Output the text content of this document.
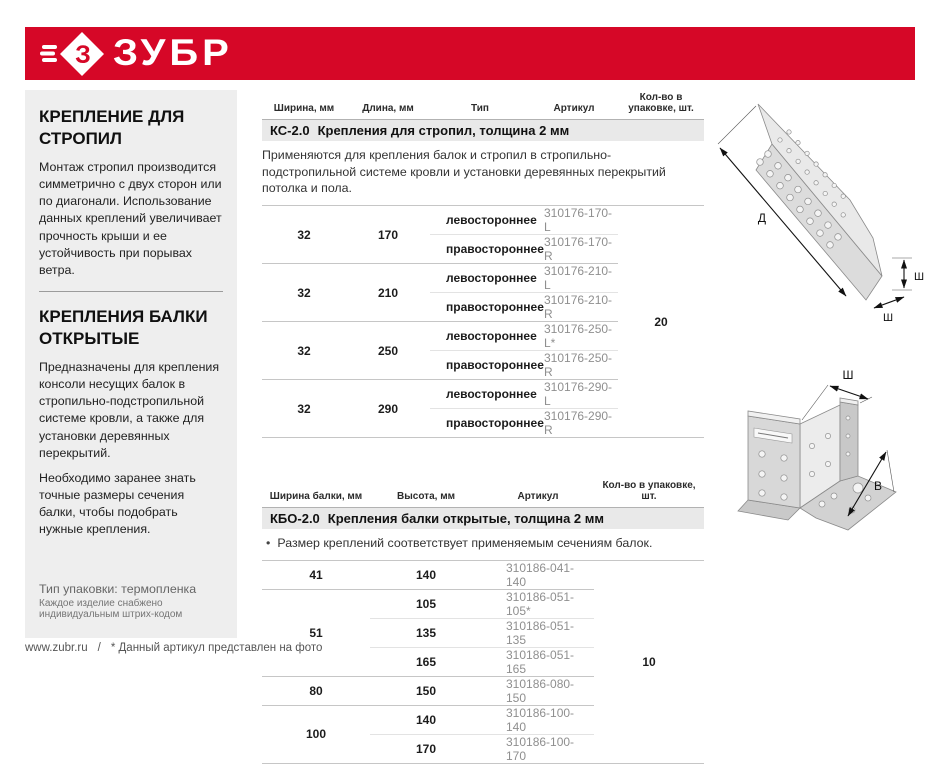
З ЗУБР
КРЕПЛЕНИЕ ДЛЯ СТРОПИЛ

Монтаж стропил производится симметрично с двух сторон или по диагонали. Использование данных креплений увеличивает прочность крыши и ее устойчивость при порывах ветра.

КРЕПЛЕНИЯ БАЛКИ ОТКРЫТЫЕ

Предназначены для крепления консоли несущих балок в стропильно-подстропильной системе кровли, а также для установки деревянных перекрытий.

Необходимо заранее знать точные размеры сечения балки, чтобы подобрать нужные крепления.

Тип упаковки: термопленка
Каждое изделие снабжено индивидуальным штрих-кодом
Ширина, мм	Длина, мм	Тип	Артикул	Кол-во в упаковке, шт.
КС-2.0 Крепления для стропил, толщина 2 мм				
Применяются для крепления балок и стропил в стропильно-подстропильной системе кровли и установки деревянных перекрытий потолка и пола.				
32	170	левостороннее	310176-170-L	20
		правостороннее	310176-170-R	
32	210	левостороннее	310176-210-L	
		правостороннее	310176-210-R	
32	250	левостороннее	310176-250-L*	
		правостороннее	310176-250-R	
32	290	левостороннее	310176-290-L	
		правостороннее	310176-290-R	
Ширина балки, мм	Высота, мм	Артикул	Кол-во в упаковке, шт.
КБО-2.0 Крепления балки открытые, толщина 2 мм			
• Размер креплений соответствует применяемым сечениям балок.			
41	140	310186-041-140	10
51	105	310186-051-105*	
	135	310186-051-135	
	165	310186-051-165	
80	150	310186-080-150	
100	140	310186-100-140	
	170	310186-100-170	
Д
Ш
Ш
Ш
В
www.zubr.ru / * Данный артикул представлен на фото
